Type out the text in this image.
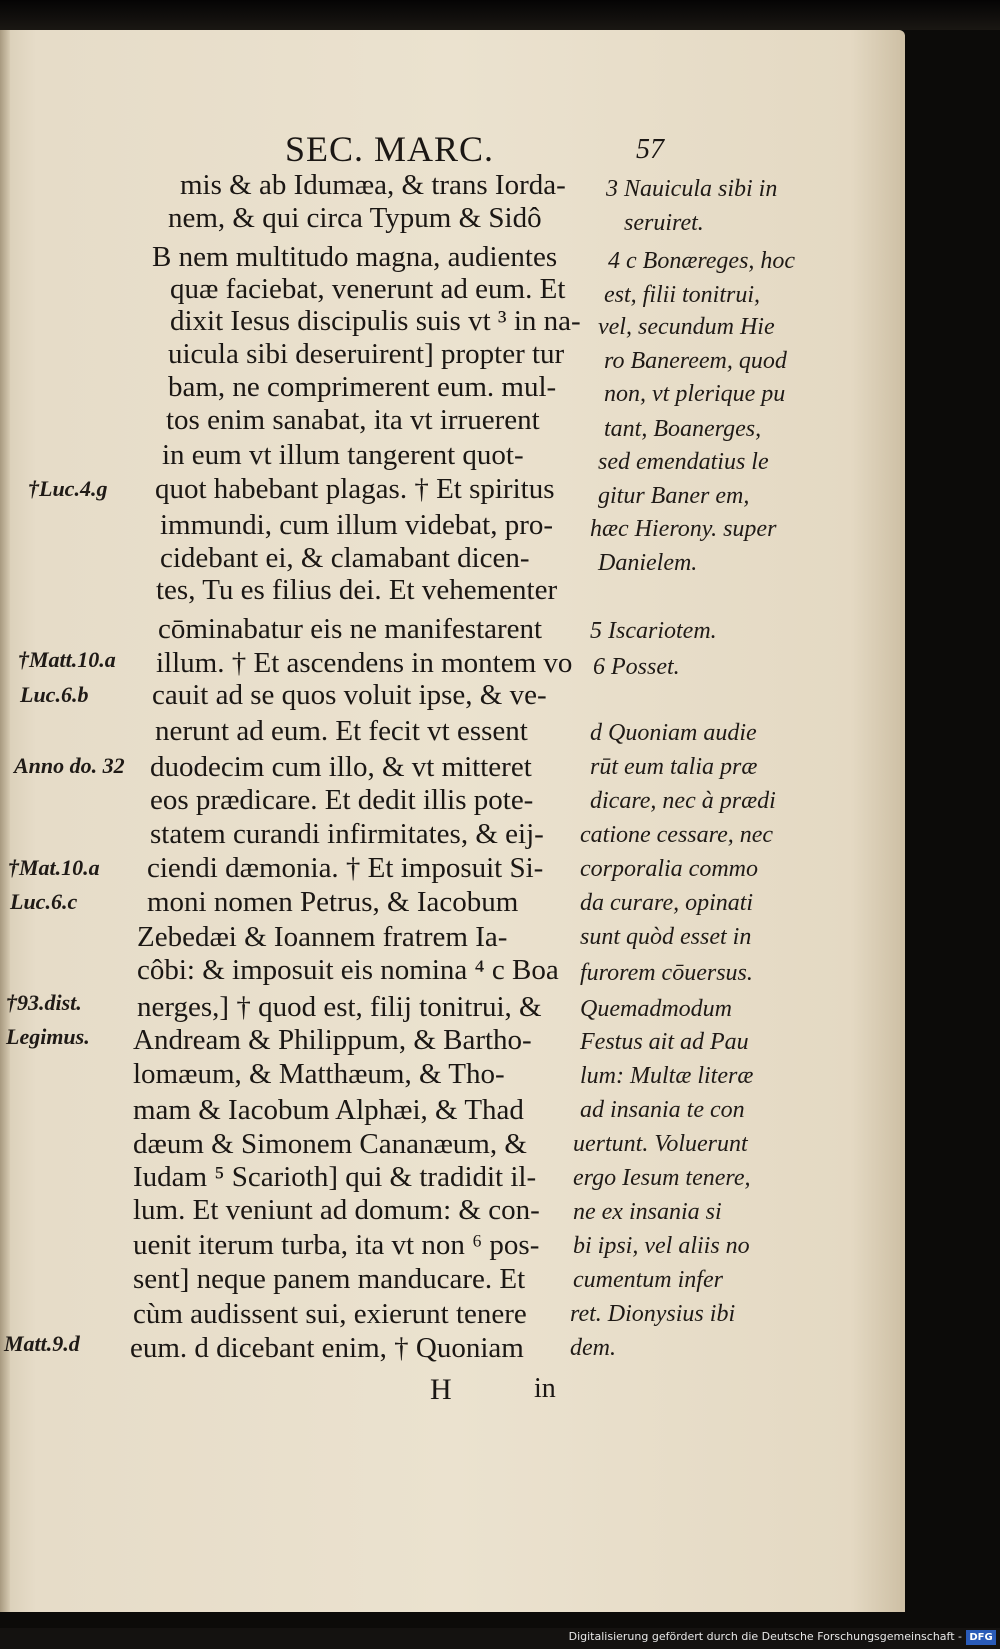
SEC. MARC.	57
mis & ab Idumæa, & trans Iorda-
nem, & qui circa Typum & Sidô
B nem multitudo magna, audientes
quæ faciebat, venerunt ad eum. Et
dixit Iesus discipulis suis vt ³ in na-
uicula sibi deseruirent] propter tur
bam, ne comprimerent eum. mul-
tos enim sanabat, ita vt irruerent
in eum vt illum tangerent quot-
quot habebant plagas. † Et spiritus
immundi, cum illum videbat, pro-
cidebant ei, & clamabant dicen-
tes, Tu es filius dei. Et vehementer
cōminabatur eis ne manifestarent
illum. † Et ascendens in montem vo
cauit ad se quos voluit ipse, & ve-
nerunt ad eum. Et fecit vt essent
duodecim cum illo, & vt mitteret
eos prædicare. Et dedit illis pote-
statem curandi infirmitates, & eij-
ciendi dæmonia. † Et imposuit Si-
moni nomen Petrus, & Iacobum
Zebedæi & Ioannem fratrem Ia-
côbi: & imposuit eis nomina ⁴ c Boa
nerges,] † quod est, filij tonitrui, &
Andream & Philippum, & Bartho-
lomæum, & Matthæum, & Tho-
mam & Iacobum Alphæi, & Thad
dæum & Simonem Cananæum, &
Iudam ⁵ Scarioth] qui & tradidit il-
lum. Et veniunt ad domum: & con-
uenit iterum turba, ita vt non ⁶ pos-
sent] neque panem manducare. Et
cùm audissent sui, exierunt tenere
eum. d dicebant enim, † Quoniam
3 Nauicula sibi in
seruiret.
4 c Bonæreges, hoc
est, filii tonitrui,
vel, secundum Hie
ro Banereem, quod
non, vt plerique pu
tant, Boanerges,
sed emendatius le
gitur Baner em,
hæc Hierony. super
Danielem.
5 Iscariotem.
6 Posset.
d Quoniam audie
rūt eum talia præ
dicare, nec à prædi
catione cessare, nec
corporalia commo
da curare, opinati
sunt quòd esset in
furorem cōuersus.
Quemadmodum
Festus ait ad Pau
lum: Multæ literæ
ad insania te con
uertunt. Voluerunt
ergo Iesum tenere,
ne ex insania si
bi ipsi, vel aliis no
cumentum infer
ret. Dionysius ibi
dem.
†Luc.4.g
†Matt.10.a
Luc.6.b
Anno do. 32
†Mat.10.a
Luc.6.c
†93.dist.
Legimus.
Matt.9.d
H	in
Digitalisierung gefördert durch die Deutsche Forschungsgemeinschaft - DFG
